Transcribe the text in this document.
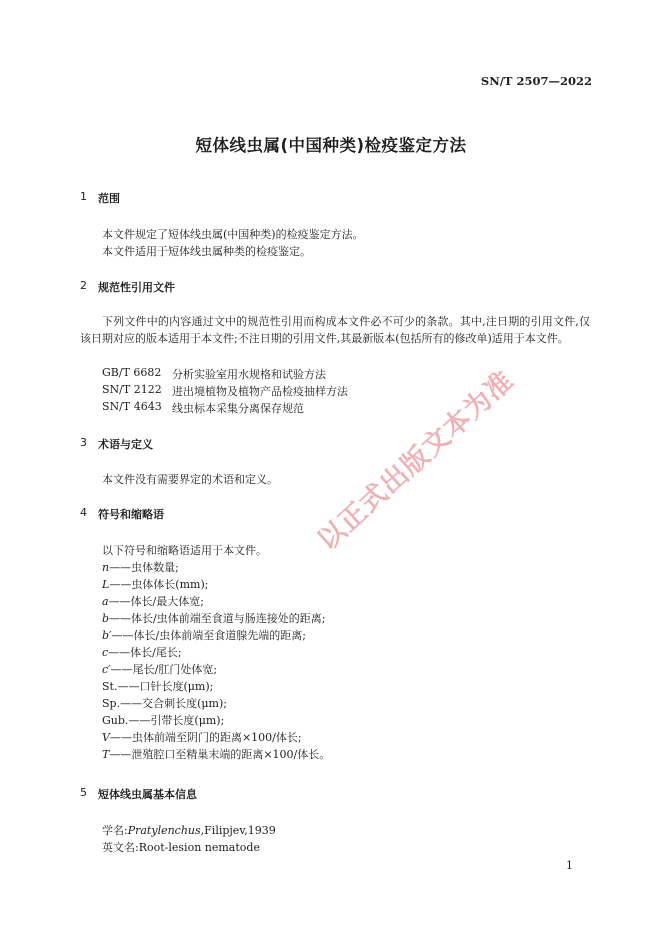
SN/T 2507—2022
短体线虫属(中国种类)检疫鉴定方法
1 范围
本文件规定了短体线虫属(中国种类)的检疫鉴定方法。
本文件适用于短体线虫属种类的检疫鉴定。
2 规范性引用文件
下列文件中的内容通过文中的规范性引用而构成本文件必不可少的条款。其中,注日期的引用文件,仅该日期对应的版本适用于本文件;不注日期的引用文件,其最新版本(包括所有的修改单)适用于本文件。
GB/T 6682 分析实验室用水规格和试验方法
SN/T 2122 进出境植物及植物产品检疫抽样方法
SN/T 4643 线虫标本采集分离保存规范
3 术语与定义
本文件没有需要界定的术语和定义。
4 符号和缩略语
以下符号和缩略语适用于本文件。
n——虫体数量;
L——虫体体长(mm);
a——体长/最大体宽;
b——体长/虫体前端至食道与肠连接处的距离;
b′——体长/虫体前端至食道腺先端的距离;
c——体长/尾长;
c′——尾长/肛门处体宽;
St.——口针长度(μm);
Sp.——交合刺长度(μm);
Gub.——引带长度(μm);
V——虫体前端至阴门的距离×100/体长;
T——泄殖腔口至精巢末端的距离×100/体长。
5 短体线虫属基本信息
学名:Pratylenchus,Filipjev,1939
英文名:Root-lesion nematode
以正式出版文本为准
1
